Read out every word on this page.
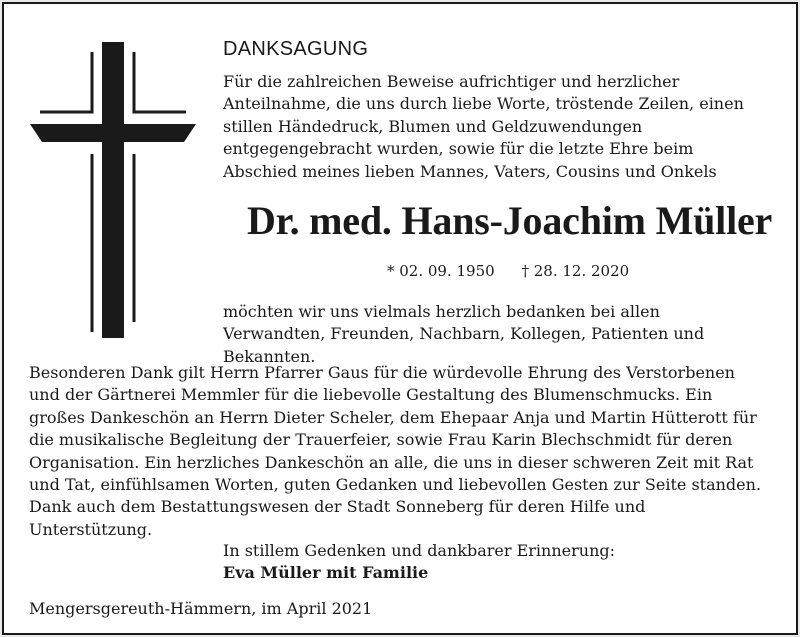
DANKSAGUNG

Für die zahlreichen Beweise aufrichtiger und herzlicher Anteilnahme, die uns durch liebe Worte, tröstende Zeilen, einen stillen Händedruck, Blumen und Geldzuwendungen entgegengebracht wurden, sowie für die letzte Ehre beim Abschied meines lieben Mannes, Vaters, Cousins und Onkels

Dr. med. Hans-Joachim Müller
* 02. 09. 1950 † 28. 12. 2020

möchten wir uns vielmals herzlich bedanken bei allen Verwandten, Freunden, Nachbarn, Kollegen, Patienten und Bekannten.

Besonderen Dank gilt Herrn Pfarrer Gaus für die würdevolle Ehrung des Verstorbenen und der Gärtnerei Memmler für die liebevolle Gestaltung des Blumenschmucks. Ein großes Dankeschön an Herrn Dieter Scheler, dem Ehepaar Anja und Martin Hütterott für die musikalische Begleitung der Trauerfeier, sowie Frau Karin Blechschmidt für deren Organisation. Ein herzliches Dankeschön an alle, die uns in dieser schweren Zeit mit Rat und Tat, einfühlsamen Worten, guten Gedanken und liebevollen Gesten zur Seite standen. Dank auch dem Bestattungswesen der Stadt Sonneberg für deren Hilfe und Unterstützung.

In stillem Gedenken und dankbarer Erinnerung:

Eva Müller mit Familie

Mengersgereuth-Hämmern, im April 2021
